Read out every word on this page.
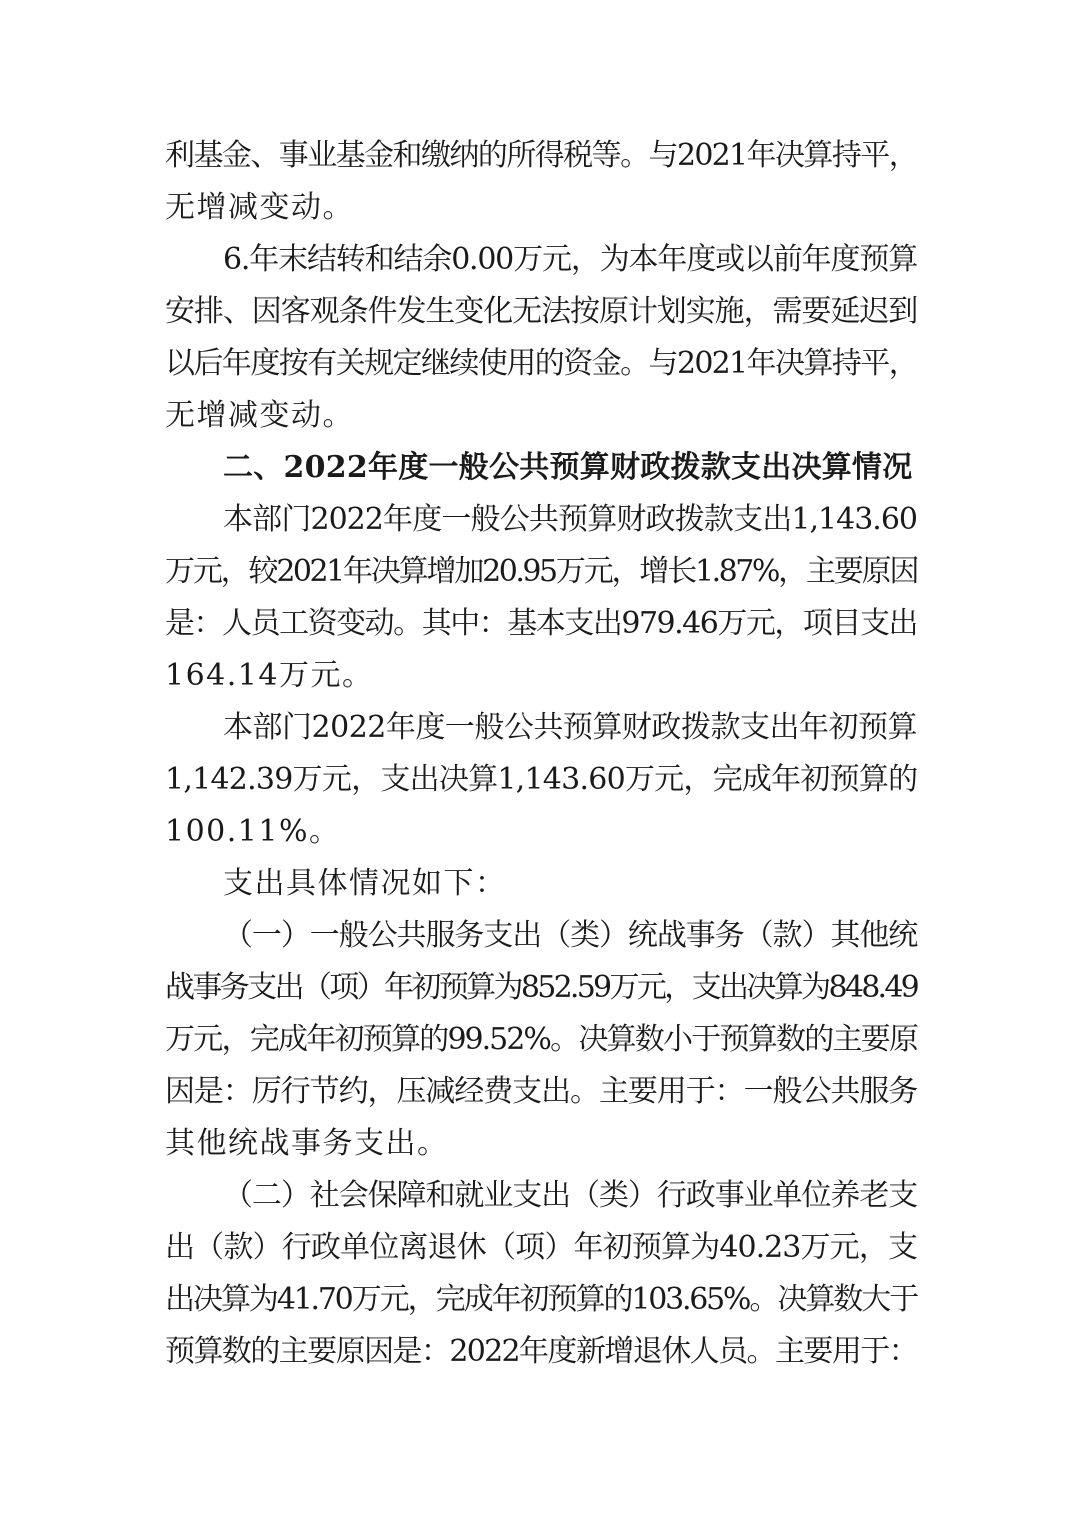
利基金、事业基金和缴纳的所得税等。与2021年决算持平，
无增减变动。
6.年末结转和结余0.00万元，为本年度或以前年度预算
安排、因客观条件发生变化无法按原计划实施，需要延迟到
以后年度按有关规定继续使用的资金。与2021年决算持平，
无增减变动。
二、2022年度一般公共预算财政拨款支出决算情况
本部门2022年度一般公共预算财政拨款支出1,143.60
万元，较2021年决算增加20.95万元，增长1.87%，主要原因
是：人员工资变动。其中：基本支出979.46万元，项目支出
164.14万元。
本部门2022年度一般公共预算财政拨款支出年初预算
1,142.39万元，支出决算1,143.60万元，完成年初预算的
100.11%。
支出具体情况如下：
（一）一般公共服务支出（类）统战事务（款）其他统
战事务支出（项）年初预算为852.59万元，支出决算为848.49
万元，完成年初预算的99.52%。决算数小于预算数的主要原
因是：厉行节约，压减经费支出。主要用于：一般公共服务
其他统战事务支出。
（二）社会保障和就业支出（类）行政事业单位养老支
出（款）行政单位离退休（项）年初预算为40.23万元，支
出决算为41.70万元，完成年初预算的103.65%。决算数大于
预算数的主要原因是：2022年度新增退休人员。主要用于：
